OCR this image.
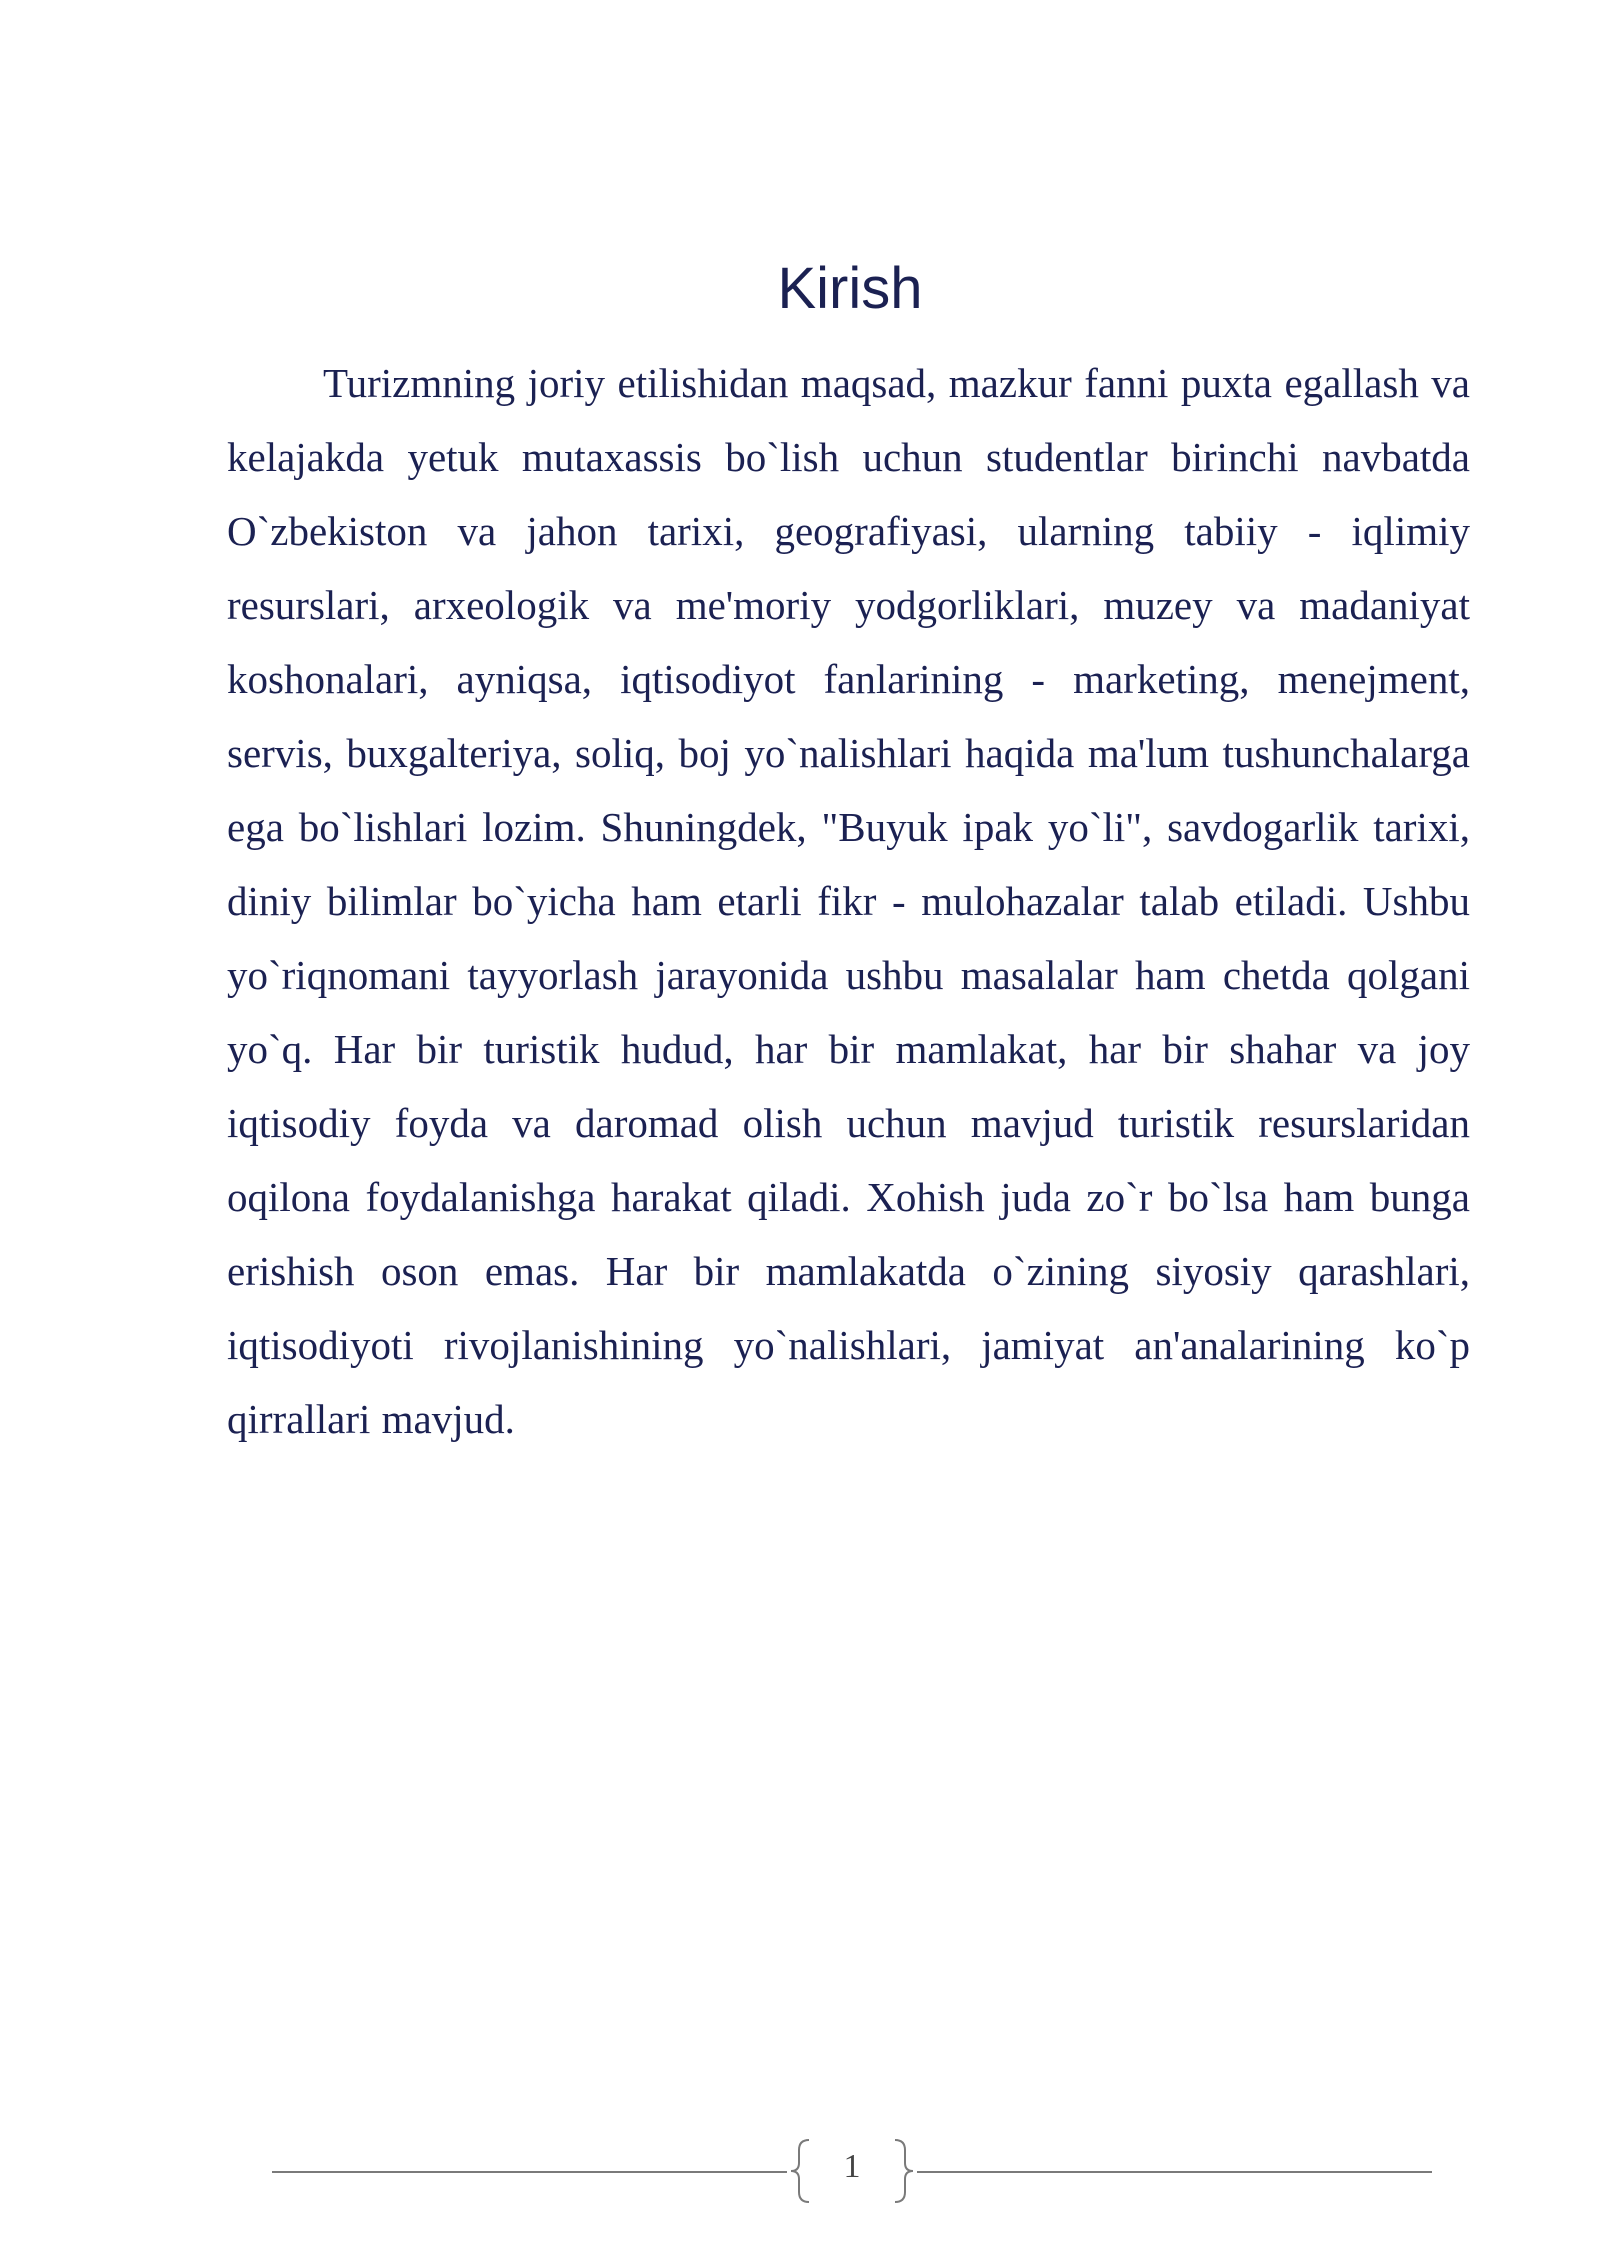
Kirish

Turizmning joriy etilishidan maqsad, mazkur fanni puxta egallash va kelajakda yetuk mutaxassis bo`lish uchun studentlar birinchi navbatda O`zbekiston va jahon tarixi, geografiyasi, ularning tabiiy - iqlimiy resurslari, arxeologik va me'moriy yodgorliklari, muzey va madaniyat koshonalari, ayniqsa, iqtisodiyot fanlarining - marketing, menejment, servis, buxgalteriya, soliq, boj yo`nalishlari haqida ma'lum tushunchalarga ega bo`lishlari lozim. Shuningdek, "Buyuk ipak yo`li", savdogarlik tarixi, diniy bilimlar bo`yicha ham etarli fikr - mulohazalar talab etiladi. Ushbu yo`riqnomani tayyorlash jarayonida ushbu masalalar ham chetda qolgani yo`q. Har bir turistik hudud, har bir mamlakat, har bir shahar va joy iqtisodiy foyda va daromad olish uchun mavjud turistik resurslaridan oqilona foydalanishga harakat qiladi. Xohish juda zo`r bo`lsa ham bunga erishish oson emas. Har bir mamlakatda o`zining siyosiy qarashlari, iqtisodiyoti rivojlanishining yo`nalishlari, jamiyat an'analarining ko`p qirrallari mavjud.

1
